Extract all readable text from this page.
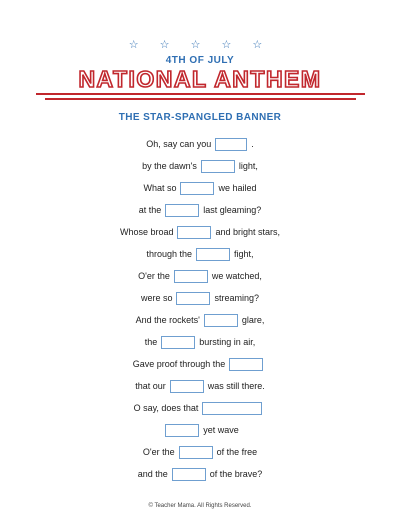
☆ ☆ ☆ ☆ ☆
4TH OF JULY
NATIONAL ANTHEM
THE STAR-SPANGLED BANNER
Oh, say can you	.
by the dawn's	light,
What so	we hailed
at the	last gleaming?
Whose broad	and bright stars,
through the	fight,
O'er the	we watched,
were so	streaming?
And the rockets'	glare,
the	bursting in air,
Gave proof through the
that our	was still there.
O say, does that
yet wave
O'er the	of the free
and the	of the brave?
© Teacher Mama. All Rights Reserved.
